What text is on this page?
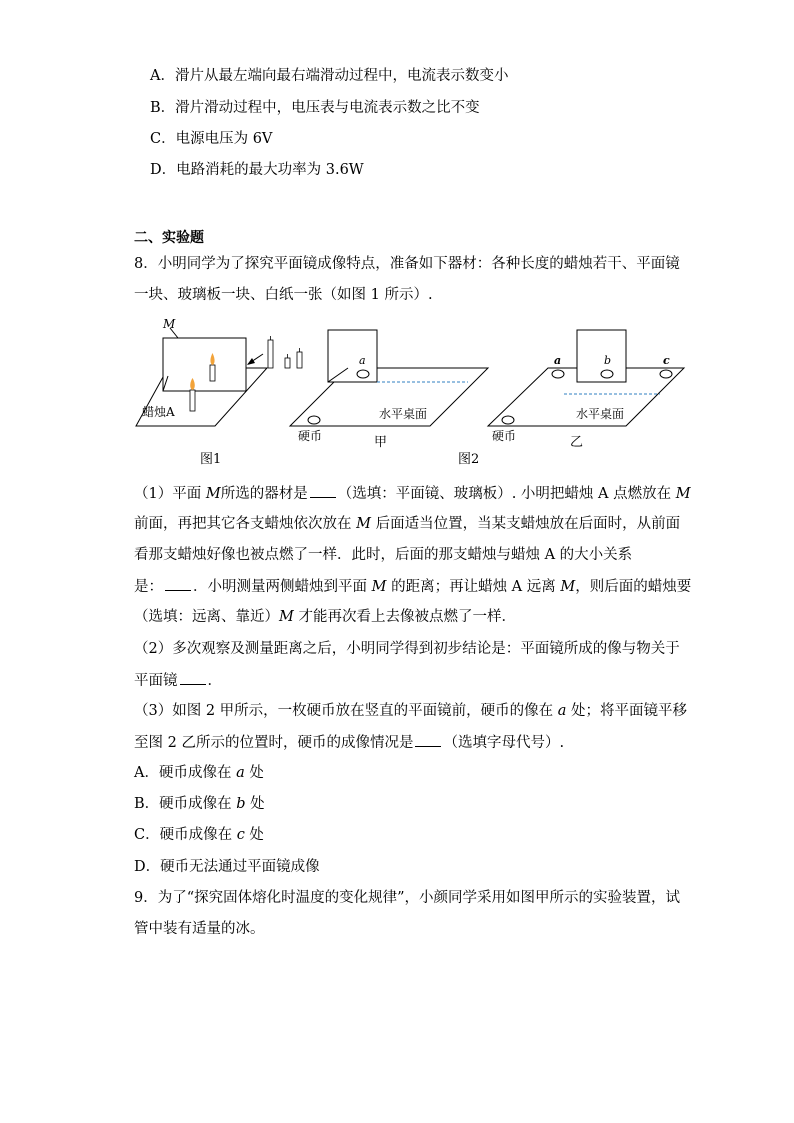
A．滑片从最左端向最右端滑动过程中，电流表示数变小
B．滑片滑动过程中，电压表与电流表示数之比不变
C．电源电压为 6V
D．电路消耗的最大功率为 3.6W
二、实验题
8．小明同学为了探究平面镜成像特点，准备如下器材：各种长度的蜡烛若干、平面镜
一块、玻璃板一块、白纸一张（如图 1 所示）.
M
蜡烛A
图1
a
水平桌面
硬币	甲
图2
a	b	c
水平桌面
硬币	乙
（1）平面 M所选的器材是 （选填：平面镜、玻璃板）. 小明把蜡烛 A 点燃放在 M
前面，再把其它各支蜡烛依次放在 M 后面适当位置，当某支蜡烛放在后面时，从前面
看那支蜡烛好像也被点燃了一样．此时，后面的那支蜡烛与蜡烛 A 的大小关系
是： ．小明测量两侧蜡烛到平面 M 的距离；再让蜡烛 A 远离 M，则后面的蜡烛要
（选填：远离、靠近）M 才能再次看上去像被点燃了一样．
（2）多次观察及测量距离之后，小明同学得到初步结论是：平面镜所成的像与物关于
平面镜 ．
（3）如图 2 甲所示，一枚硬币放在竖直的平面镜前，硬币的像在 a 处；将平面镜平移
至图 2 乙所示的位置时，硬币的成像情况是 （选填字母代号）.
A．硬币成像在 a 处
B．硬币成像在 b 处
C．硬币成像在 c 处
D．硬币无法通过平面镜成像
9．为了“探究固体熔化时温度的变化规律”，小颜同学采用如图甲所示的实验装置，试
管中装有适量的冰。
